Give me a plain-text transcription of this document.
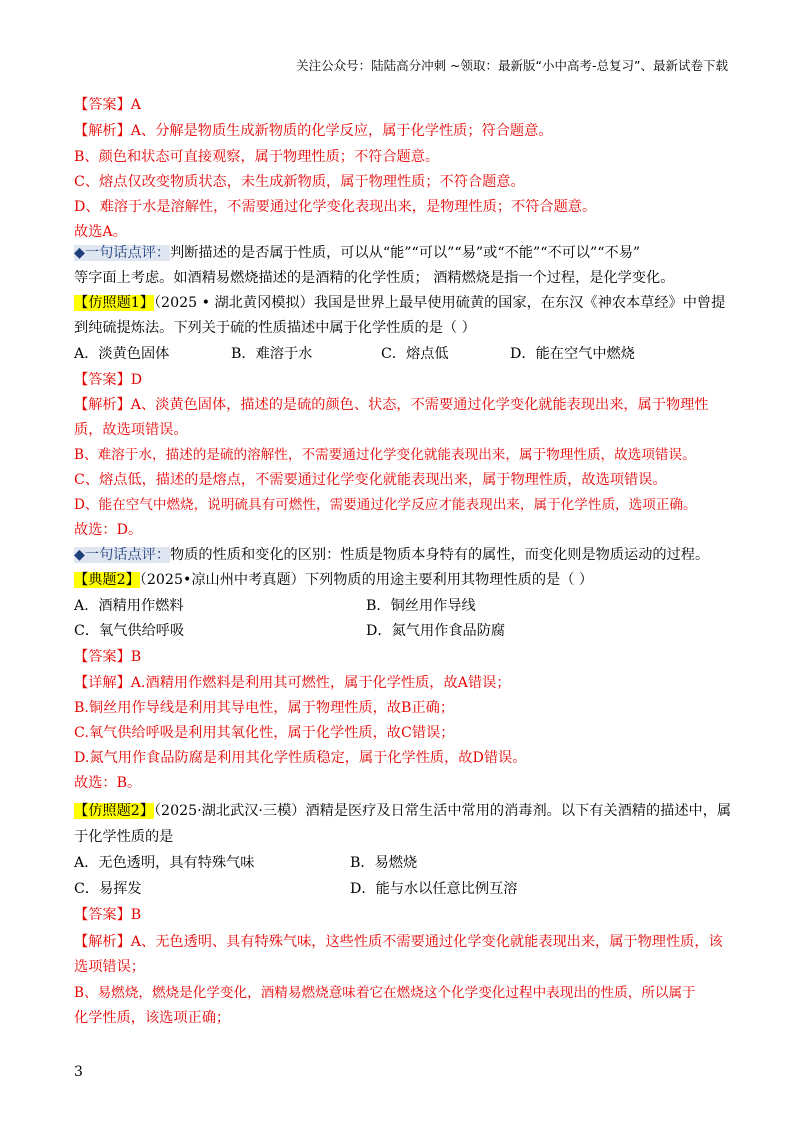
关注公众号：陆陆高分冲刺 ~领取：最新版“小中高考-总复习”、最新试卷下载
【答案】A
【解析】A、分解是物质生成新物质的化学反应，属于化学性质；符合题意。
B、颜色和状态可直接观察，属于物理性质；不符合题意。
C、熔点仅改变物质状态，未生成新物质，属于物理性质；不符合题意。
D、难溶于水是溶解性，不需要通过化学变化表现出来，是物理性质；不符合题意。
故选A。
◆一句话点评：判断描述的是否属于性质，可以从“能”“可以”“易”或“不能”“不可以”“不易”
等字面上考虑。如酒精易燃烧描述的是酒精的化学性质； 酒精燃烧是指一个过程，是化学变化。
【仿照题1】（2025 • 湖北黄冈模拟）我国是世界上最早使用硫黄的国家，在东汉《神农本草经》中曾提
到纯硫提炼法。下列关于硫的性质描述中属于化学性质的是（ ）
A．淡黄色固体	B．难溶于水	C．熔点低	D．能在空气中燃烧
【答案】D
【解析】A、淡黄色固体，描述的是硫的颜色、状态，不需要通过化学变化就能表现出来，属于物理性
质，故选项错误。
B、难溶于水，描述的是硫的溶解性，不需要通过化学变化就能表现出来，属于物理性质，故选项错误。
C、熔点低，描述的是熔点，不需要通过化学变化就能表现出来，属于物理性质，故选项错误。
D、能在空气中燃烧，说明硫具有可燃性，需要通过化学反应才能表现出来，属于化学性质，选项正确。
故选：D。
◆一句话点评：物质的性质和变化的区别：性质是物质本身特有的属性，而变化则是物质运动的过程。
【典题2】（2025•凉山州中考真题）下列物质的用途主要利用其物理性质的是（ ）
A．酒精用作燃料	B．铜丝用作导线
C．氧气供给呼吸	D．氮气用作食品防腐
【答案】B
【详解】A.酒精用作燃料是利用其可燃性，属于化学性质，故A错误；
B.铜丝用作导线是利用其导电性，属于物理性质，故B正确；
C.氧气供给呼吸是利用其氧化性，属于化学性质，故C错误；
D.氮气用作食品防腐是利用其化学性质稳定，属于化学性质，故D错误。
故选：B。
【仿照题2】（2025·湖北武汉·三模）酒精是医疗及日常生活中常用的消毒剂。以下有关酒精的描述中，属
于化学性质的是
A．无色透明，具有特殊气味	B．易燃烧
C．易挥发	D．能与水以任意比例互溶
【答案】B
【解析】A、无色透明、具有特殊气味，这些性质不需要通过化学变化就能表现出来，属于物理性质，该
选项错误；
B、易燃烧，燃烧是化学变化，酒精易燃烧意味着它在燃烧这个化学变化过程中表现出的性质，所以属于
化学性质，该选项正确；
3
